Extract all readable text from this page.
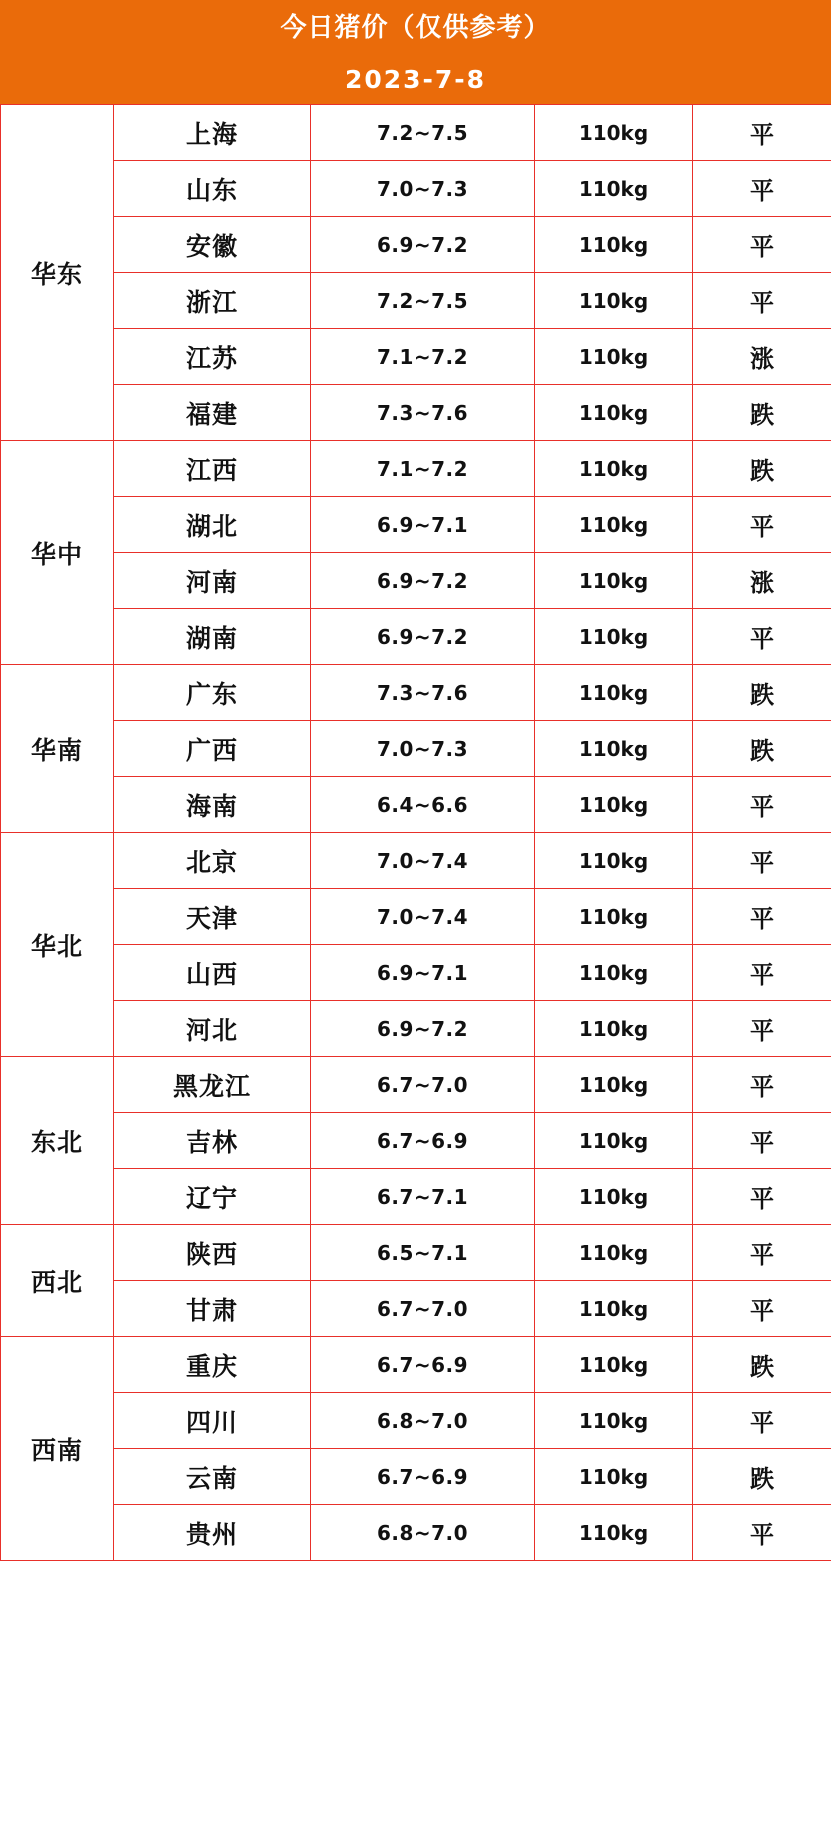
今日猪价（仅供参考）
2023-7-8
华东	上海	7.2~7.5	110kg	平
	山东	7.0~7.3	110kg	平
	安徽	6.9~7.2	110kg	平
	浙江	7.2~7.5	110kg	平
	江苏	7.1~7.2	110kg	涨
	福建	7.3~7.6	110kg	跌
华中	江西	7.1~7.2	110kg	跌
	湖北	6.9~7.1	110kg	平
	河南	6.9~7.2	110kg	涨
	湖南	6.9~7.2	110kg	平
华南	广东	7.3~7.6	110kg	跌
	广西	7.0~7.3	110kg	跌
	海南	6.4~6.6	110kg	平
华北	北京	7.0~7.4	110kg	平
	天津	7.0~7.4	110kg	平
	山西	6.9~7.1	110kg	平
	河北	6.9~7.2	110kg	平
东北	黑龙江	6.7~7.0	110kg	平
	吉林	6.7~6.9	110kg	平
	辽宁	6.7~7.1	110kg	平
西北	陕西	6.5~7.1	110kg	平
	甘肃	6.7~7.0	110kg	平
西南	重庆	6.7~6.9	110kg	跌
	四川	6.8~7.0	110kg	平
	云南	6.7~6.9	110kg	跌
	贵州	6.8~7.0	110kg	平
